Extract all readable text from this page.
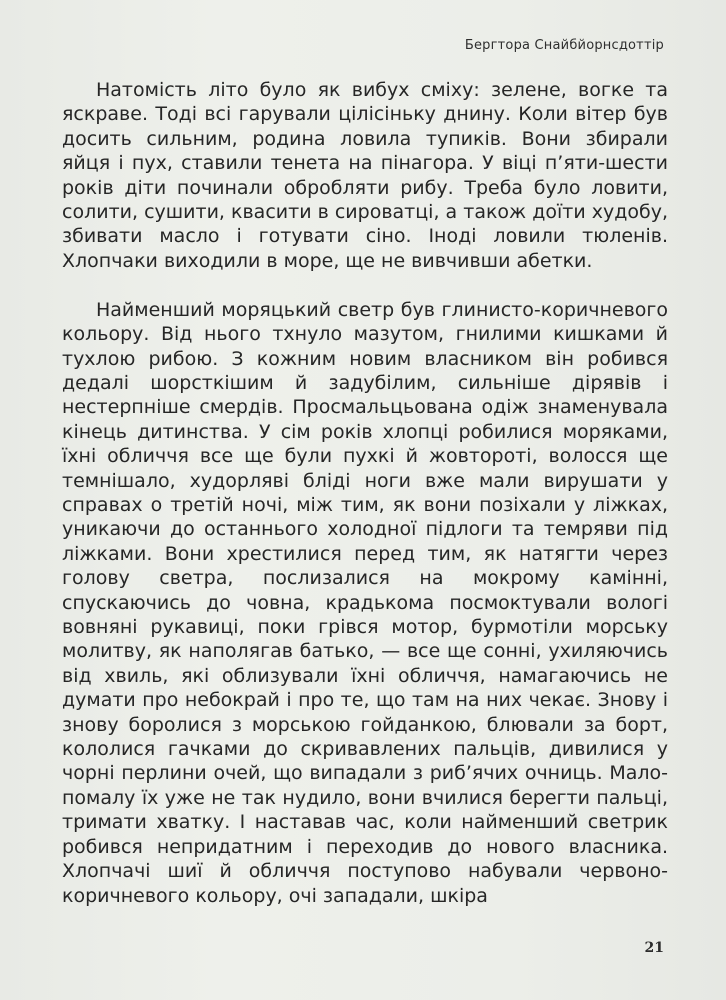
Бергтора Снайбйорнсдоттір

Натомість літо було як вибух сміху: зелене, вогке та яскраве. Тоді всі гарували цілісіньку днину. Коли вітер був досить сильним, родина ловила тупиків. Вони збирали яйця і пух, ставили тенета на пінагора. У віці п’яти-шести років діти починали обробляти рибу. Треба було ловити, солити, сушити, квасити в сироватці, а також доїти худобу, збивати масло і готувати сіно. Іноді ловили тюленів. Хлопчаки виходили в море, ще не вивчивши абетки.

Найменший моряцький светр був глинисто-коричневого кольору. Від нього тхнуло мазутом, гнилими кишками й тухлою рибою. З кожним новим власником він робився дедалі шорсткішим й задубілим, сильніше дірявів і нестерпніше смердів. Просмальцьована одіж знаменувала кінець дитинства. У сім років хлопці робилися моряками, їхні обличчя все ще були пухкі й жовтороті, волосся ще темнішало, худорляві бліді ноги вже мали вирушати у справах о третій ночі, між тим, як вони позіхали у ліжках, уникаючи до останнього холодної підлоги та темряви під ліжками. Вони хрестилися перед тим, як натягти через голову светра, послизалися на мокрому камінні, спускаючись до човна, крадькома посмоктували вологі вовняні рукавиці, поки грівся мотор, бурмотіли морську молитву, як наполягав батько, — все ще сонні, ухиляючись від хвиль, які облизували їхні обличчя, намагаючись не думати про небокрай і про те, що там на них чекає. Знову і знову боролися з морською гойданкою, блювали за борт, кололися гачками до скривавлених пальців, дивилися у чорні перлини очей, що випадали з риб’ячих очниць. Мало-помалу їх уже не так нудило, вони вчилися берегти пальці, тримати хватку. І наставав час, коли найменший светрик робився непридатним і переходив до нового власника. Хлопчачі шиї й обличчя поступово набували червоно-коричневого кольору, очі западали, шкіра

21
